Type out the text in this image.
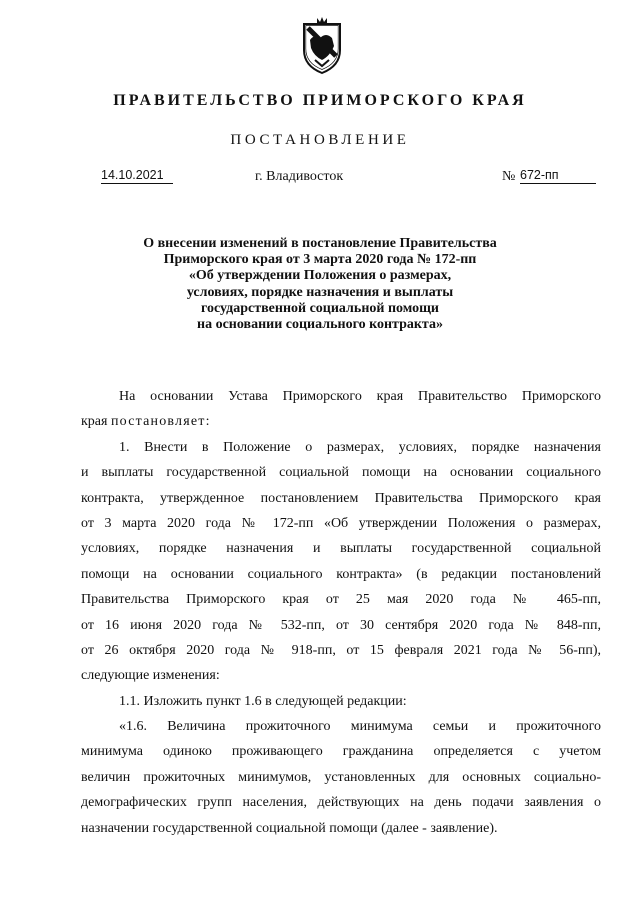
ПРАВИТЕЛЬСТВО ПРИМОРСКОГО КРАЯ
ПОСТАНОВЛЕНИЕ
14.10.2021	г. Владивосток	№ 672-пп
О внесении изменений в постановление Правительства
Приморского края от 3 марта 2020 года № 172-пп
«Об утверждении Положения о размерах,
условиях, порядке назначения и выплаты
государственной социальной помощи
на основании социального контракта»
На основании Устава Приморского края Правительство Приморского
края постановляет:
1. Внести в Положение о размерах, условиях, порядке назначения
и выплаты государственной социальной помощи на основании социального
контракта, утвержденное постановлением Правительства Приморского края
от 3 марта 2020 года № 172-пп «Об утверждении Положения о размерах,
условиях, порядке назначения и выплаты государственной социальной
помощи на основании социального контракта» (в редакции постановлений
Правительства Приморского края от 25 мая 2020 года № 465-пп,
от 16 июня 2020 года № 532-пп, от 30 сентября 2020 года № 848-пп,
от 26 октября 2020 года № 918-пп, от 15 февраля 2021 года № 56-пп),
следующие изменения:
1.1. Изложить пункт 1.6 в следующей редакции:
«1.6. Величина прожиточного минимума семьи и прожиточного
минимума одиноко проживающего гражданина определяется с учетом
величин прожиточных минимумов, установленных для основных социально-
демографических групп населения, действующих на день подачи заявления о
назначении государственной социальной помощи (далее - заявление).
